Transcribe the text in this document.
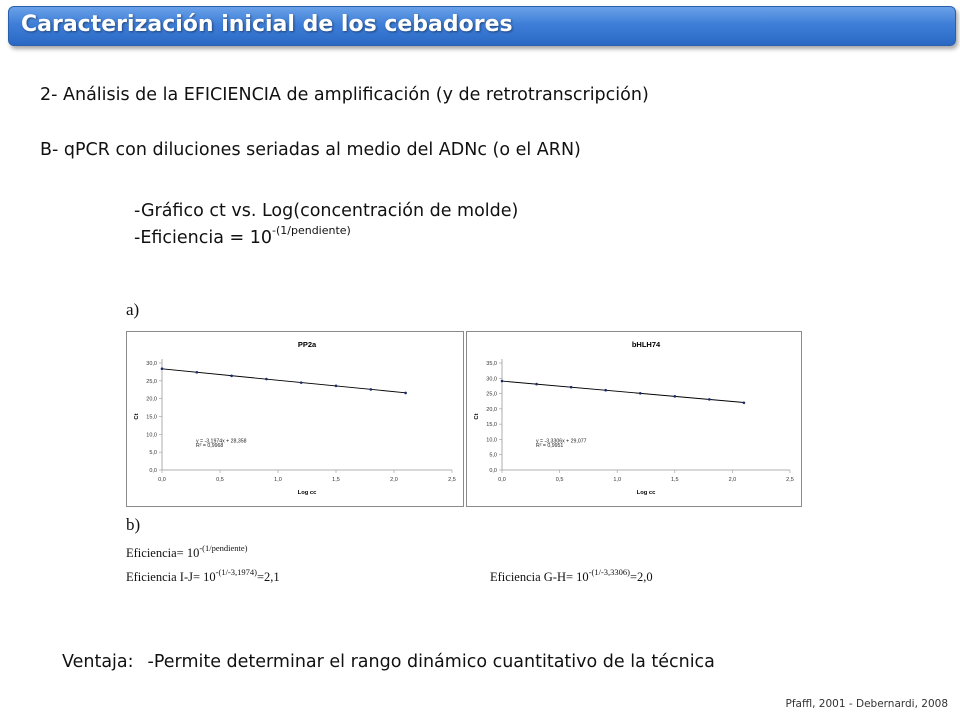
Caracterización inicial de los cebadores
2- Análisis de la EFICIENCIA de amplificación (y de retrotranscripción)
B- qPCR con diluciones seriadas al medio del ADNc (o el ARN)
-Gráfico ct vs. Log(concentración de molde)
-Eficiencia = $10^{-(1/pendiente)}$
a)
PP2a
0,0
5,0
10,0
15,0
20,0
25,0
30,0
0,0	0,5	1,0	1,5	2,0	2,5
Log cc
Ct
y = -3,1974x + 28,358
R² = 0,9968
bHLH74
0,0
5,0
10,0
15,0
20,0
25,0
30,0
35,0
0,0	0,5	1,0	1,5	2,0	2,5
Log cc
Ct
y = -3,3306x + 29,077
R² = 0,9951
b)
Eficiencia= $10^{-(1/pendiente)}$
Eficiencia $I-J= 10^{-(1/-3,1974)}=2,1$	Eficiencia $G-H= 10^{-(1/-3,3306)}=2,0$
Ventaja: -Permite determinar el rango dinámico cuantitativo de la técnica
Pfaffl, 2001 - Debernardi, 2008
